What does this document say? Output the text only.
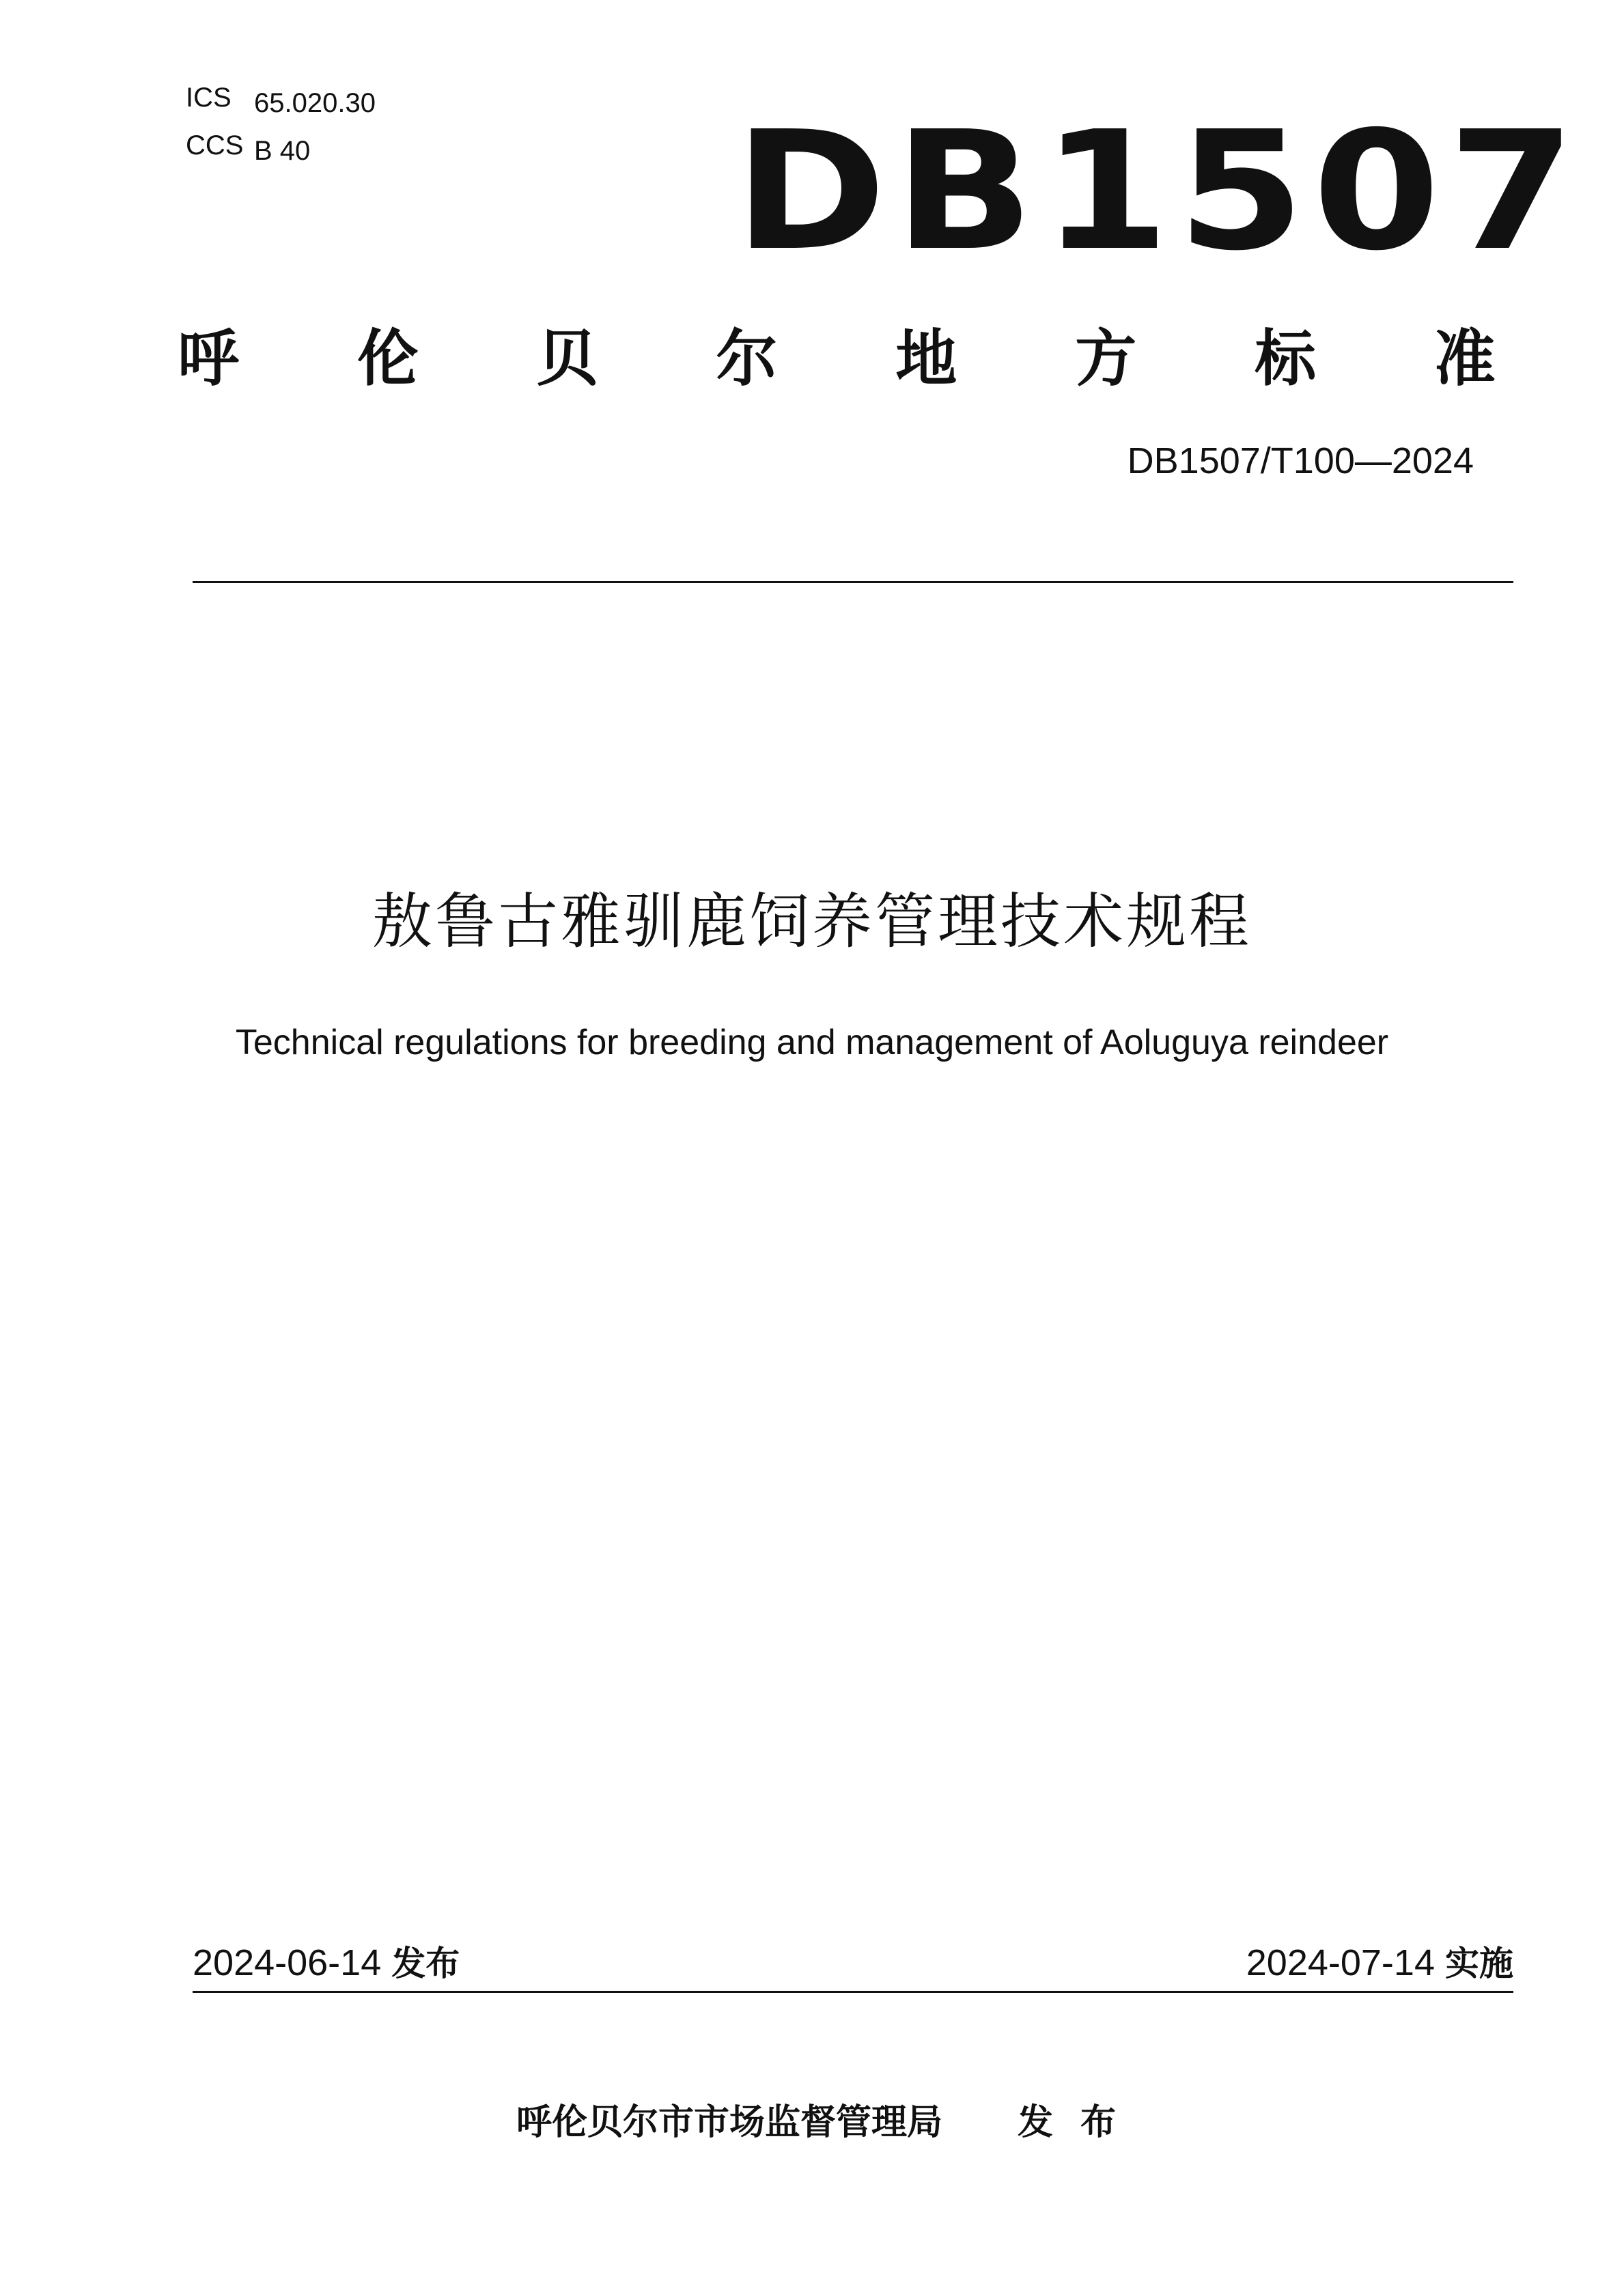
ICS 65.020.30
CCS B 40	DB1507
呼 伦 贝 尔 地 方 标 准
DB1507/T100—2024
敖鲁古雅驯鹿饲养管理技术规程
Technical regulations for breeding and management of Aoluguya reindeer
2024-06-14 发布	2024-07-14 实施
呼伦贝尔市市场监督管理局 发布
